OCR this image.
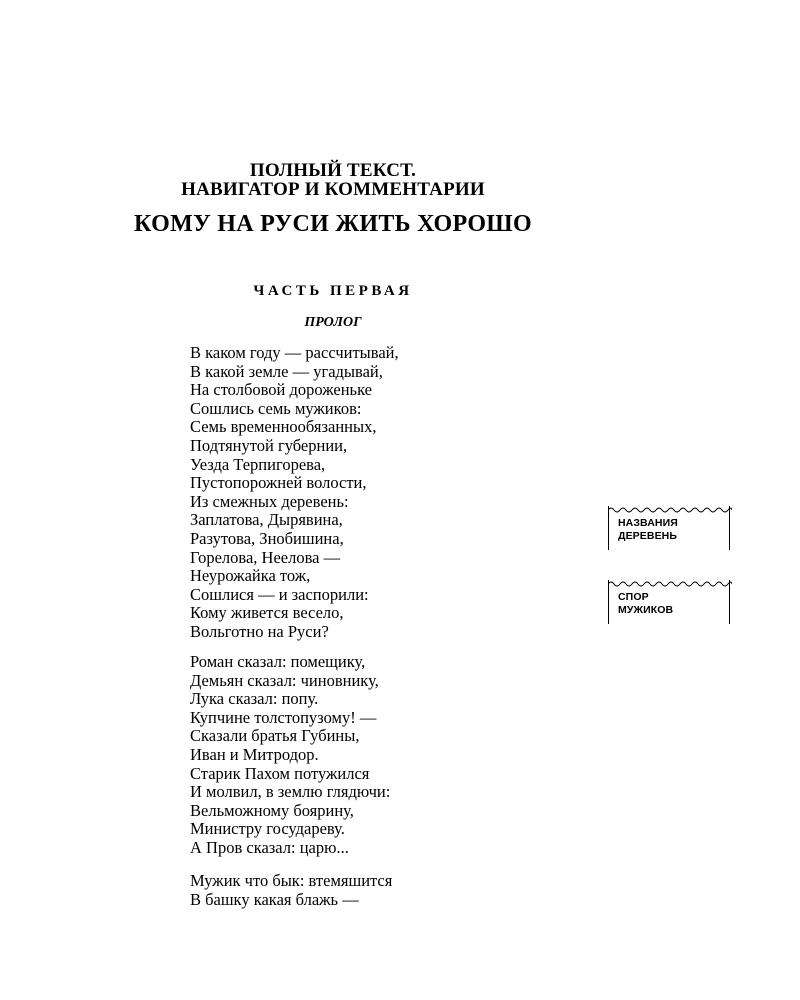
ПОЛНЫЙ ТЕКСТ.
НАВИГАТОР И КОММЕНТАРИИ
КОМУ НА РУСИ ЖИТЬ ХОРОШО
ЧАСТЬ ПЕРВАЯ
ПРОЛОГ
В каком году — рассчитывай,
В какой земле — угадывай,
На столбовой дороженьке
Сошлись семь мужиков:
Семь временнообязанных,
Подтянутой губернии,
Уезда Терпигорева,
Пустопорожней волости,
Из смежных деревень:
Заплатова, Дырявина,
Разутова, Знобишина,
Горелова, Неелова —
Неурожайка тож,
Сошлися — и заспорили:
Кому живется весело,
Вольготно на Руси?
Роман сказал: помещику,
Демьян сказал: чиновнику,
Лука сказал: попу.
Купчине толстопузому! —
Сказали братья Губины,
Иван и Митродор.
Старик Пахом потужился
И молвил, в землю глядючи:
Вельможному боярину,
Министру государеву.
А Пров сказал: царю...
Мужик что бык: втемяшится
В башку какая блажь —
НАЗВАНИЯ
ДЕРЕВЕНЬ
СПОР
МУЖИКОВ
